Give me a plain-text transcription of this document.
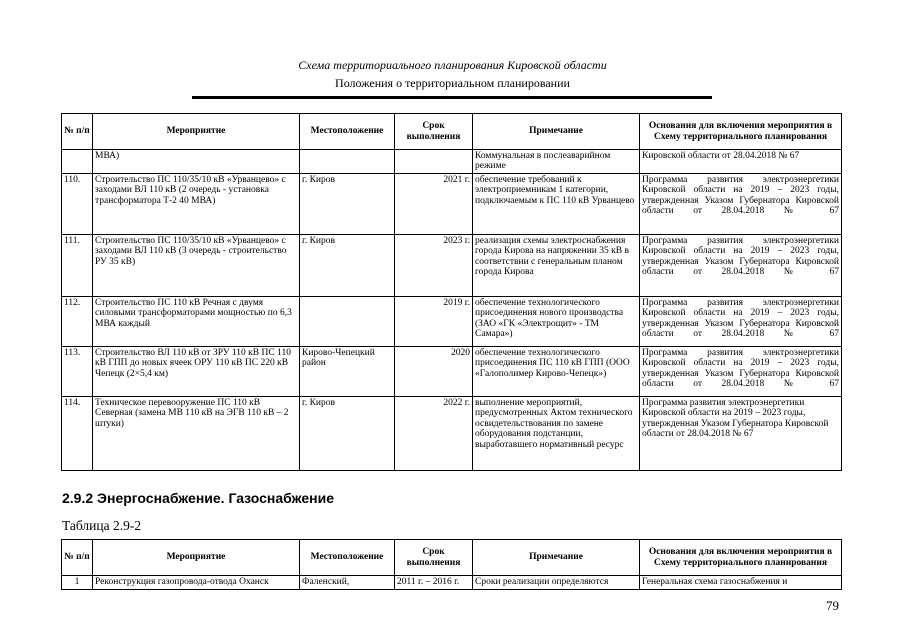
Схема территориального планирования Кировской области
Положения о территориальном планировании
№ п/п	Мероприятие	Местоположение	Срок выполнения	Примечание	Основания для включения мероприятия в Схему территориального планирования
	МВА)			Коммунальная в послеаварийном режиме	Кировской области от 28.04.2018 № 67
110.	Строительство ПС 110/35/10 кВ «Урванцево» с заходами ВЛ 110 кВ (2 очередь - установка трансформатора Т-2 40 МВА)	г. Киров	2021 г.	обеспечение требований к электроприемникам 1 категории, подключаемым к ПС 110 кВ Урванцево	Программа развития электроэнергетики Кировской области на 2019 – 2023 годы, утвержденная Указом Губернатора Кировской области от 28.04.2018 № 67
111.	Строительство ПС 110/35/10 кВ «Урванцево» с заходами ВЛ 110 кВ (3 очередь - строительство РУ 35 кВ)	г. Киров	2023 г.	реализация схемы электроснабжения города Кирова на напряжении 35 кВ в соответствии с генеральным планом города Кирова	Программа развития электроэнергетики Кировской области на 2019 – 2023 годы, утвержденная Указом Губернатора Кировской области от 28.04.2018 № 67
112.	Строительство ПС 110 кВ Речная с двумя силовыми трансформаторами мощностью по 6,3 МВА каждый		2019 г.	обеспечение технологического присоединения нового производства (ЗАО «ГК «Электрощит» - ТМ Самара»)	Программа развития электроэнергетики Кировской области на 2019 – 2023 годы, утвержденная Указом Губернатора Кировской области от 28.04.2018 № 67
113.	Строительство ВЛ 110 кВ от ЗРУ 110 кВ ПС 110 кВ ГПП до новых ячеек ОРУ 110 кВ ПС 220 кВ Чепецк (2×5,4 км)	Кирово-Чепецкий район	2020	обеспечение технологического присоединения ПС 110 кВ ГПП (ООО «Галополимер Кирово-Чепецк»)	Программа развития электроэнергетики Кировской области на 2019 – 2023 годы, утвержденная Указом Губернатора Кировской области от 28.04.2018 № 67
114.	Техническое перевооружение ПС 110 кВ Северная (замена МВ 110 кВ на ЭГВ 110 кВ – 2 штуки)	г. Киров	2022 г.	выполнение мероприятий, предусмотренных Актом технического освидетельствования по замене оборудования подстанции, выработавшего нормативный ресурс	Программа развития электроэнергетики Кировской области на 2019 – 2023 годы, утвержденная Указом Губернатора Кировской области от 28.04.2018 № 67
2.9.2 Энергоснабжение. Газоснабжение
Таблица 2.9-2
№ п/п	Мероприятие	Местоположение	Срок выполнения	Примечание	Основания для включения мероприятия в Схему территориального планирования
1	Реконструкция газопровода-отвода Оханск	Фаленский,	2011 г. – 2016 г.	Сроки реализации определяются	Генеральная схема газоснабжения и
79
